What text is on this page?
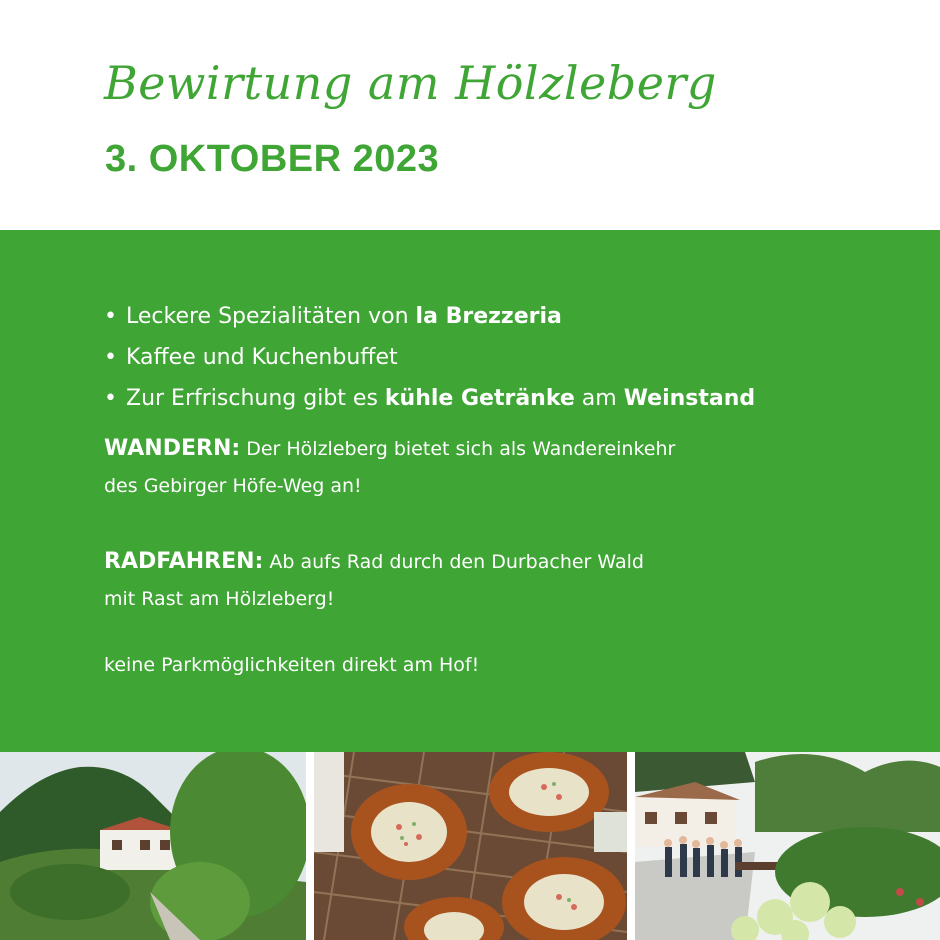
Bewirtung am Hölzleberg
3. OKTOBER 2023
• Leckere Spezialitäten von la Brezzeria
• Kaffee und Kuchenbuffet
• Zur Erfrischung gibt es kühle Getränke am Weinstand
WANDERN: Der Hölzleberg bietet sich als Wandereinkehr
des Gebirger Höfe-Weg an!
RADFAHREN: Ab aufs Rad durch den Durbacher Wald
mit Rast am Hölzleberg!
keine Parkmöglichkeiten direkt am Hof!
